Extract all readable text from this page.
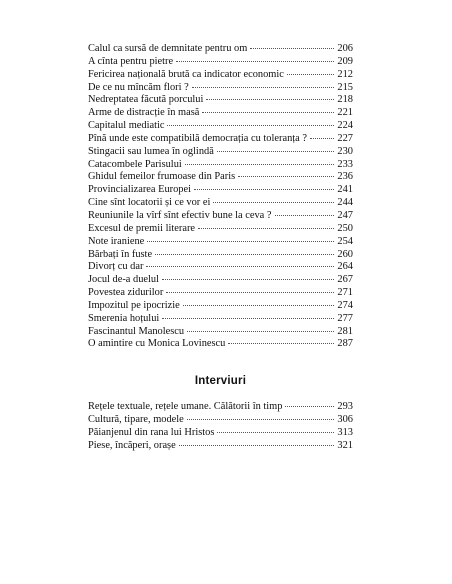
Calul ca sursă de demnitate pentru om	206
A cînta pentru pietre	209
Fericirea națională brută ca indicator economic	212
De ce nu mîncăm flori ?	215
Nedreptatea făcută porcului	218
Arme de distracție în masă	221
Capitalul mediatic	224
Pînă unde este compatibilă democrația cu toleranța ?	227
Stingacii sau lumea în oglindă	230
Catacombele Parisului	233
Ghidul femeilor frumoase din Paris	236
Provincializarea Europei	241
Cine sînt locatorii și ce vor ei	244
Reuniunile la vîrf sînt efectiv bune la ceva ?	247
Excesul de premii literare	250
Note iraniene	254
Bărbați în fuste	260
Divorț cu dar	264
Jocul de-a duelul	267
Povestea zidurilor	271
Impozitul pe ipocrizie	274
Smerenia hoțului	277
Fascinantul Manolescu	281
O amintire cu Monica Lovinescu	287
Interviuri
Rețele textuale, rețele umane. Călătorii în timp	293
Cultură, tipare, modele	306
Păianjenul din rana lui Hristos	313
Piese, încăperi, orașe	321
